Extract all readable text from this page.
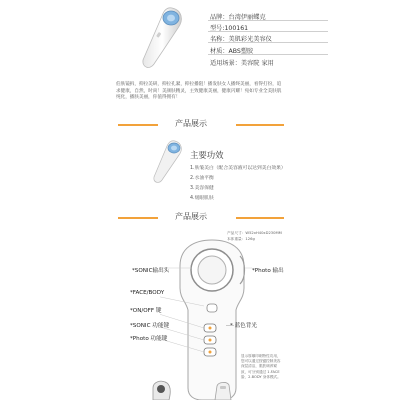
品牌：台湾伊丽蝶克
型号:100161
名称：美肌彩光美容仪
材质：ABS塑胶
适用场景：美容院 家用
伯肤镜拆，抑拉美研，抑拉孔紧，抑拉播阻！播发肤女人播终美丽，看得打扮，追求健康，自然，时尚！美颜肤精灵，主致健康美丽，健康闪耀！宛如专业全美肤肌纯化，播肤美丽，你值得拥有！
产品展示
主要功效
1.肤皱美白（配合美容液可以达到美白效果）
2.水油平衡
3.美容保健
4.缓眼肌肤
产品展示
产品尺寸：W52xH40xD230MM
本体重量：126g
*SONIC输出头	*Photo 输出
*FACE/BODY
*ON/OFF 键
*SONIC 功能键
*Photo 功能键
* 蓝色背光
显示厚顺印刷特性功用，您可以通过按键控制美容深层清洁，肌肤调养紧致，可分别通过 1.FACE 脸、2.BODY 身体模式。
